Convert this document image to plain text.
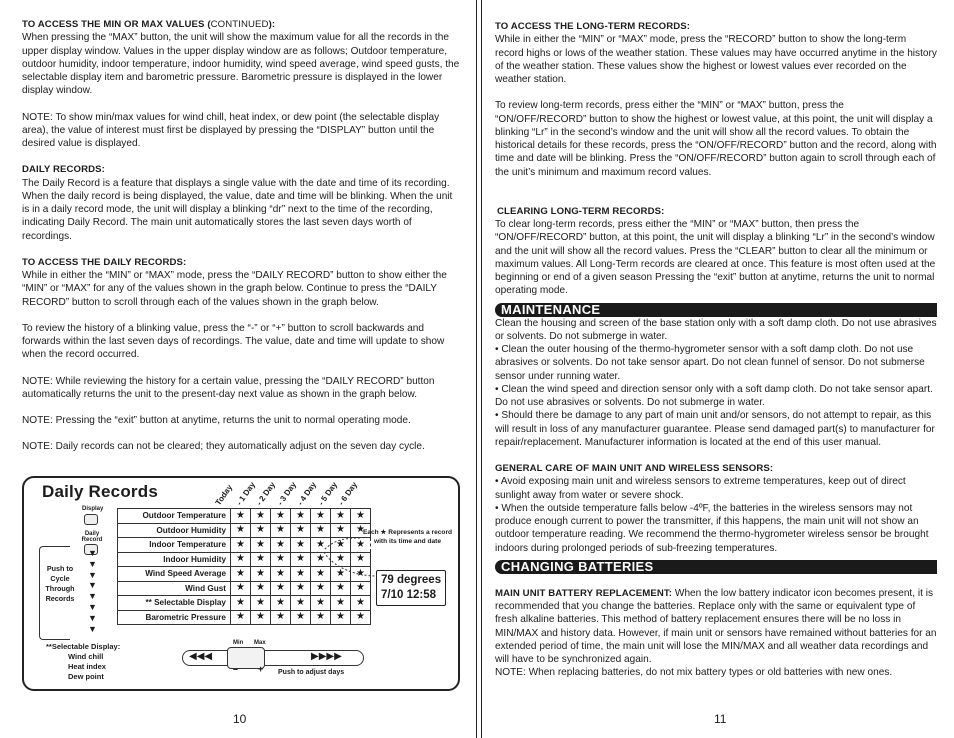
TO ACCESS THE MIN OR MAX VALUES (CONTINUED):

When pressing the “MAX” button, the unit will show the maximum value for all the records in the upper display window. Values in the upper display window are as follows; Outdoor temperature, outdoor humidity, indoor temperature, indoor humidity, wind speed average, wind speed gusts, the selectable display item and barometric pressure. Barometric pressure is displayed in the lower display window.

NOTE: To show min/max values for wind chill, heat index, or dew point (the selectable display area), the value of interest must first be displayed by pressing the “DISPLAY” button until the desired value is displayed.

DAILY RECORDS:

The Daily Record is a feature that displays a single value with the date and time of its recording. When the daily record is being displayed, the value, date and time will be blinking. When the unit is in a daily record mode, the unit will display a blinking “dr” next to the time of the recording, indicating Daily Record. The main unit automatically stores the last seven days worth of recordings.

TO ACCESS THE DAILY RECORDS:

While in either the “MIN” or “MAX” mode, press the “DAILY RECORD” button to show either the “MIN” or “MAX” for any of the values shown in the graph below. Continue to press the “DAILY RECORD” button to scroll through each of the values shown in the graph below.

To review the history of a blinking value, press the “-” or “+” button to scroll backwards and forwards within the last seven days of recordings. The value, date and time will update to show when the record occurred.

NOTE: While reviewing the history for a certain value, pressing the “DAILY RECORD” button automatically returns the unit to the present-day next value as shown in the graph below.

NOTE: Pressing the “exit” button at anytime, returns the unit to normal operating mode.

NOTE: Daily records can not be cleared; they automatically adjust on the seven day cycle.

Daily Records	Today - 1 Day
- 2 Day
- 3 Day
- 4 Day
- 5 Day
- 6 Day
Display
Daily Record
Push to Cycle Through Records
▼
▼
▼
▼
▼
▼
▼
▼
Outdoor Temperature	★	★	★	★	★	★	★
Outdoor Humidity	★	★	★	★	★	★	★
Indoor Temperature	★	★	★	★	★	★	★
Indoor Humidity	★	★	★	★	★	★	★
Wind Speed Average	★	★	★	★	★	★	★
Wind Gust	★	★	★	★	★	★	★
** Selectable Display	★	★	★	★	★	★	★
Barometric Pressure	★	★	★	★	★	★	★
Each ★ Represents a record with its time and date
79 degrees
7/10 12:58
**Selectable Display:
Wind chill
Heat index
Dew point
Min Max
◀◀◀	▶▶▶▶
– + Push to adjust days
10

TO ACCESS THE LONG-TERM RECORDS:

While in either the “MIN” or “MAX” mode, press the “RECORD” button to show the long-term record highs or lows of the weather station. These values may have occurred anytime in the history of the weather station. These values show the highest or lowest values ever recorded on the weather station.

To review long-term records, press either the “MIN” or “MAX” button, press the “ON/OFF/RECORD” button to show the highest or lowest value, at this point, the unit will display a blinking “Lr” in the second’s window and the unit will show all the record values. To obtain the historical details for these records, press the “ON/OFF/RECORD” button and the record, along with time and date will be blinking. Press the “ON/OFF/RECORD” button again to scroll through each of the unit’s minimum and maximum record values.

CLEARING LONG-TERM RECORDS:

To clear long-term records, press either the “MIN” or “MAX” button, then press the “ON/OFF/RECORD” button, at this point, the unit will display a blinking “Lr” in the second’s window and the unit will show all the record values. Press the “CLEAR” button to clear all the minimum or maximum values. All Long-Term records are cleared at once. This feature is most often used at the beginning or end of a given season Pressing the “exit” button at anytime, returns the unit to normal operating mode.

MAINTENANCE

Clean the housing and screen of the base station only with a soft damp cloth. Do not use abrasives or solvents. Do not submerge in water.

• Clean the outer housing of the thermo-hygrometer sensor with a soft damp cloth. Do not use abrasives or solvents. Do not take sensor apart. Do not clean funnel of sensor. Do not submerse sensor under running water.

• Clean the wind speed and direction sensor only with a soft damp cloth. Do not take sensor apart. Do not use abrasives or solvents. Do not submerge in water.

• Should there be damage to any part of main unit and/or sensors, do not attempt to repair, as this will result in loss of any manufacturer guarantee. Please send damaged part(s) to manufacturer for repair/replacement. Manufacturer information is located at the end of this user manual.

GENERAL CARE OF MAIN UNIT AND WIRELESS SENSORS:

• Avoid exposing main unit and wireless sensors to extreme temperatures, keep out of direct sunlight away from water or severe shock.

• When the outside temperature falls below -4ºF, the batteries in the wireless sensors may not produce enough current to power the transmitter, if this happens, the main unit will not show an outdoor temperature reading. We recommend the thermo-hygrometer wireless sensor be brought indoors during prolonged periods of sub-freezing temperatures.

CHANGING BATTERIES

MAIN UNIT BATTERY REPLACEMENT: When the low battery indicator icon becomes present, it is recommended that you change the batteries. Replace only with the same or equivalent type of fresh alkaline batteries. This method of battery replacement ensures there will be no loss in MIN/MAX and history data. However, if main unit or sensors have remained without batteries for an extended period of time, the main unit will lose the MIN/MAX and all weather data recordings and will have to be synchronized again.

NOTE: When replacing batteries, do not mix battery types or old batteries with new ones.

11
